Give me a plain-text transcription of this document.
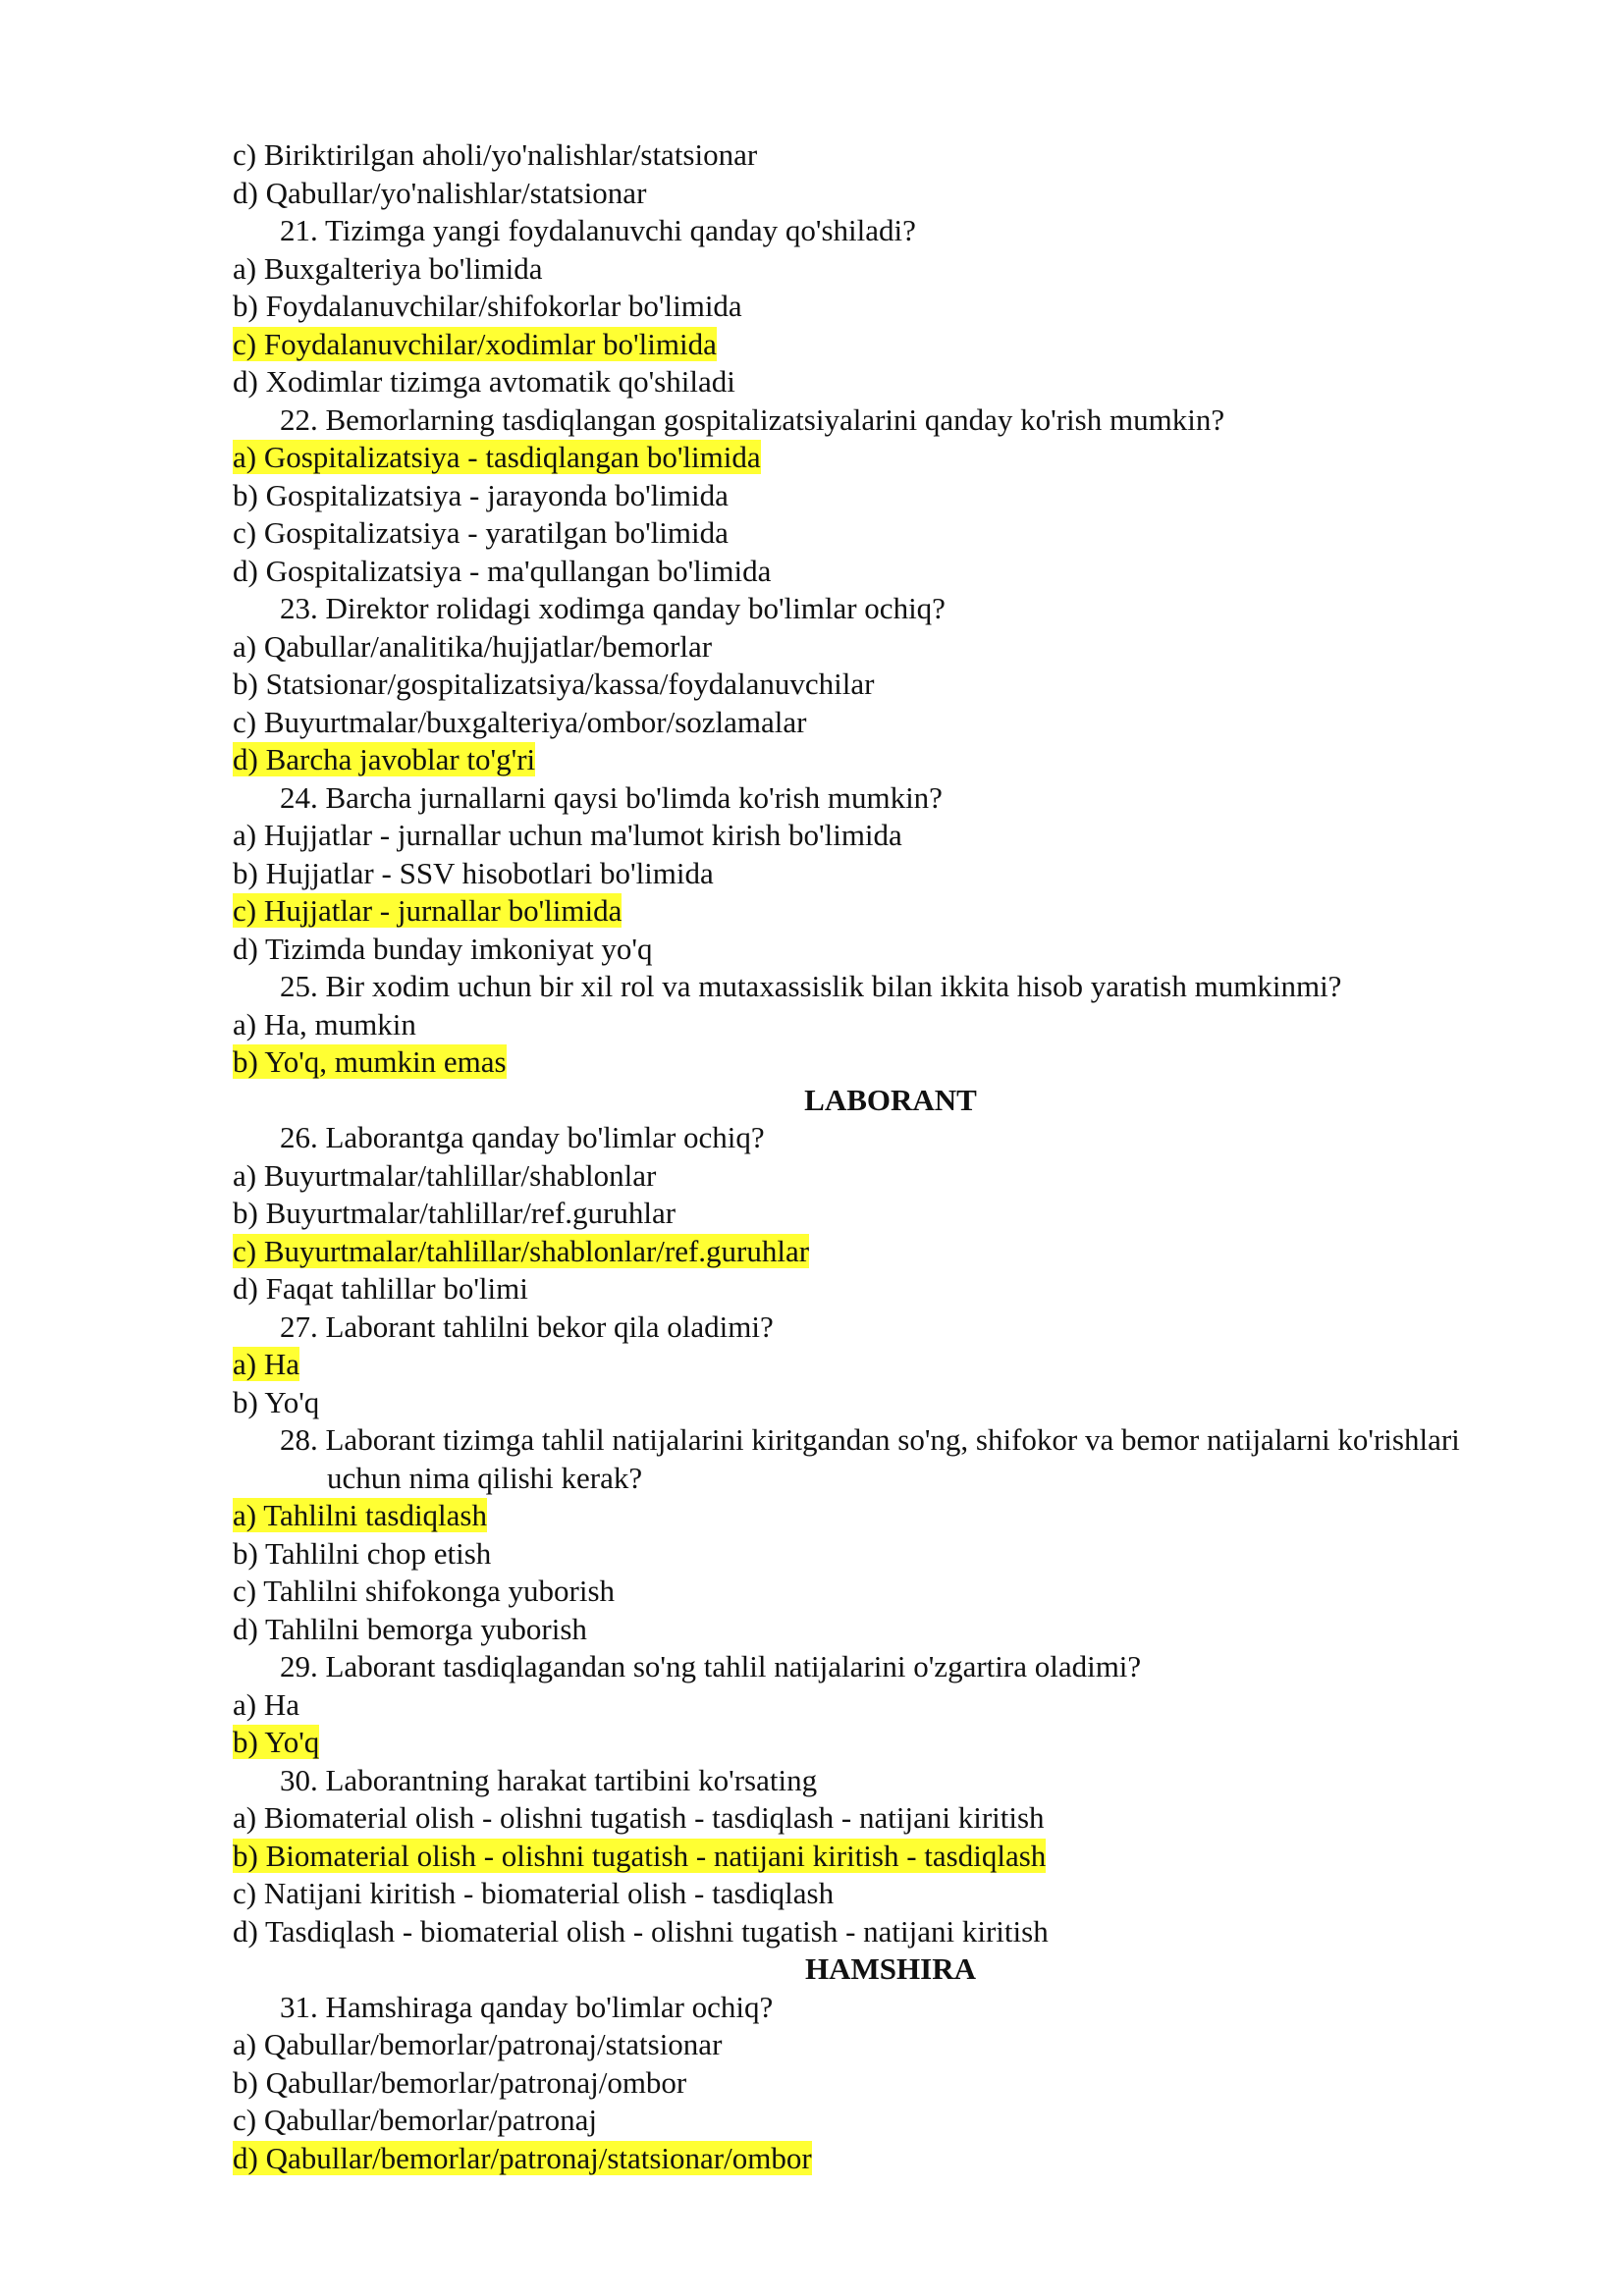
c) Biriktirilgan aholi/yo'nalishlar/statsionar
d) Qabullar/yo'nalishlar/statsionar
21. Tizimga yangi foydalanuvchi qanday qo'shiladi?
a) Buxgalteriya bo'limida
b) Foydalanuvchilar/shifokorlar bo'limida
c) Foydalanuvchilar/xodimlar bo'limida
d) Xodimlar tizimga avtomatik qo'shiladi
22. Bemorlarning tasdiqlangan gospitalizatsiyalarini qanday ko'rish mumkin?
a) Gospitalizatsiya - tasdiqlangan bo'limida
b) Gospitalizatsiya - jarayonda bo'limida
c) Gospitalizatsiya - yaratilgan bo'limida
d) Gospitalizatsiya - ma'qullangan bo'limida
23. Direktor rolidagi xodimga qanday bo'limlar ochiq?
a) Qabullar/analitika/hujjatlar/bemorlar
b) Statsionar/gospitalizatsiya/kassa/foydalanuvchilar
c) Buyurtmalar/buxgalteriya/ombor/sozlamalar
d) Barcha javoblar to'g'ri
24. Barcha jurnallarni qaysi bo'limda ko'rish mumkin?
a) Hujjatlar - jurnallar uchun ma'lumot kirish bo'limida
b) Hujjatlar - SSV hisobotlari bo'limida
c) Hujjatlar - jurnallar bo'limida
d) Tizimda bunday imkoniyat yo'q
25. Bir xodim uchun bir xil rol va mutaxassislik bilan ikkita hisob yaratish mumkinmi?
a) Ha, mumkin
b) Yo'q, mumkin emas
LABORANT
26. Laborantga qanday bo'limlar ochiq?
a) Buyurtmalar/tahlillar/shablonlar
b) Buyurtmalar/tahlillar/ref.guruhlar
c) Buyurtmalar/tahlillar/shablonlar/ref.guruhlar
d) Faqat tahlillar bo'limi
27. Laborant tahlilni bekor qila oladimi?
a) Ha
b) Yo'q
28. Laborant tizimga tahlil natijalarini kiritgandan so'ng, shifokor va bemor natijalarni ko'rishlari uchun nima qilishi kerak?
a) Tahlilni tasdiqlash
b) Tahlilni chop etish
c) Tahlilni shifokonga yuborish
d) Tahlilni bemorga yuborish
29. Laborant tasdiqlagandan so'ng tahlil natijalarini o'zgartira oladimi?
a) Ha
b) Yo'q
30. Laborantning harakat tartibini ko'rsating
a) Biomaterial olish - olishni tugatish - tasdiqlash - natijani kiritish
b) Biomaterial olish - olishni tugatish - natijani kiritish - tasdiqlash
c) Natijani kiritish - biomaterial olish - tasdiqlash
d) Tasdiqlash - biomaterial olish - olishni tugatish - natijani kiritish
HAMSHIRA
31. Hamshiraga qanday bo'limlar ochiq?
a) Qabullar/bemorlar/patronaj/statsionar
b) Qabullar/bemorlar/patronaj/ombor
c) Qabullar/bemorlar/patronaj
d) Qabullar/bemorlar/patronaj/statsionar/ombor
